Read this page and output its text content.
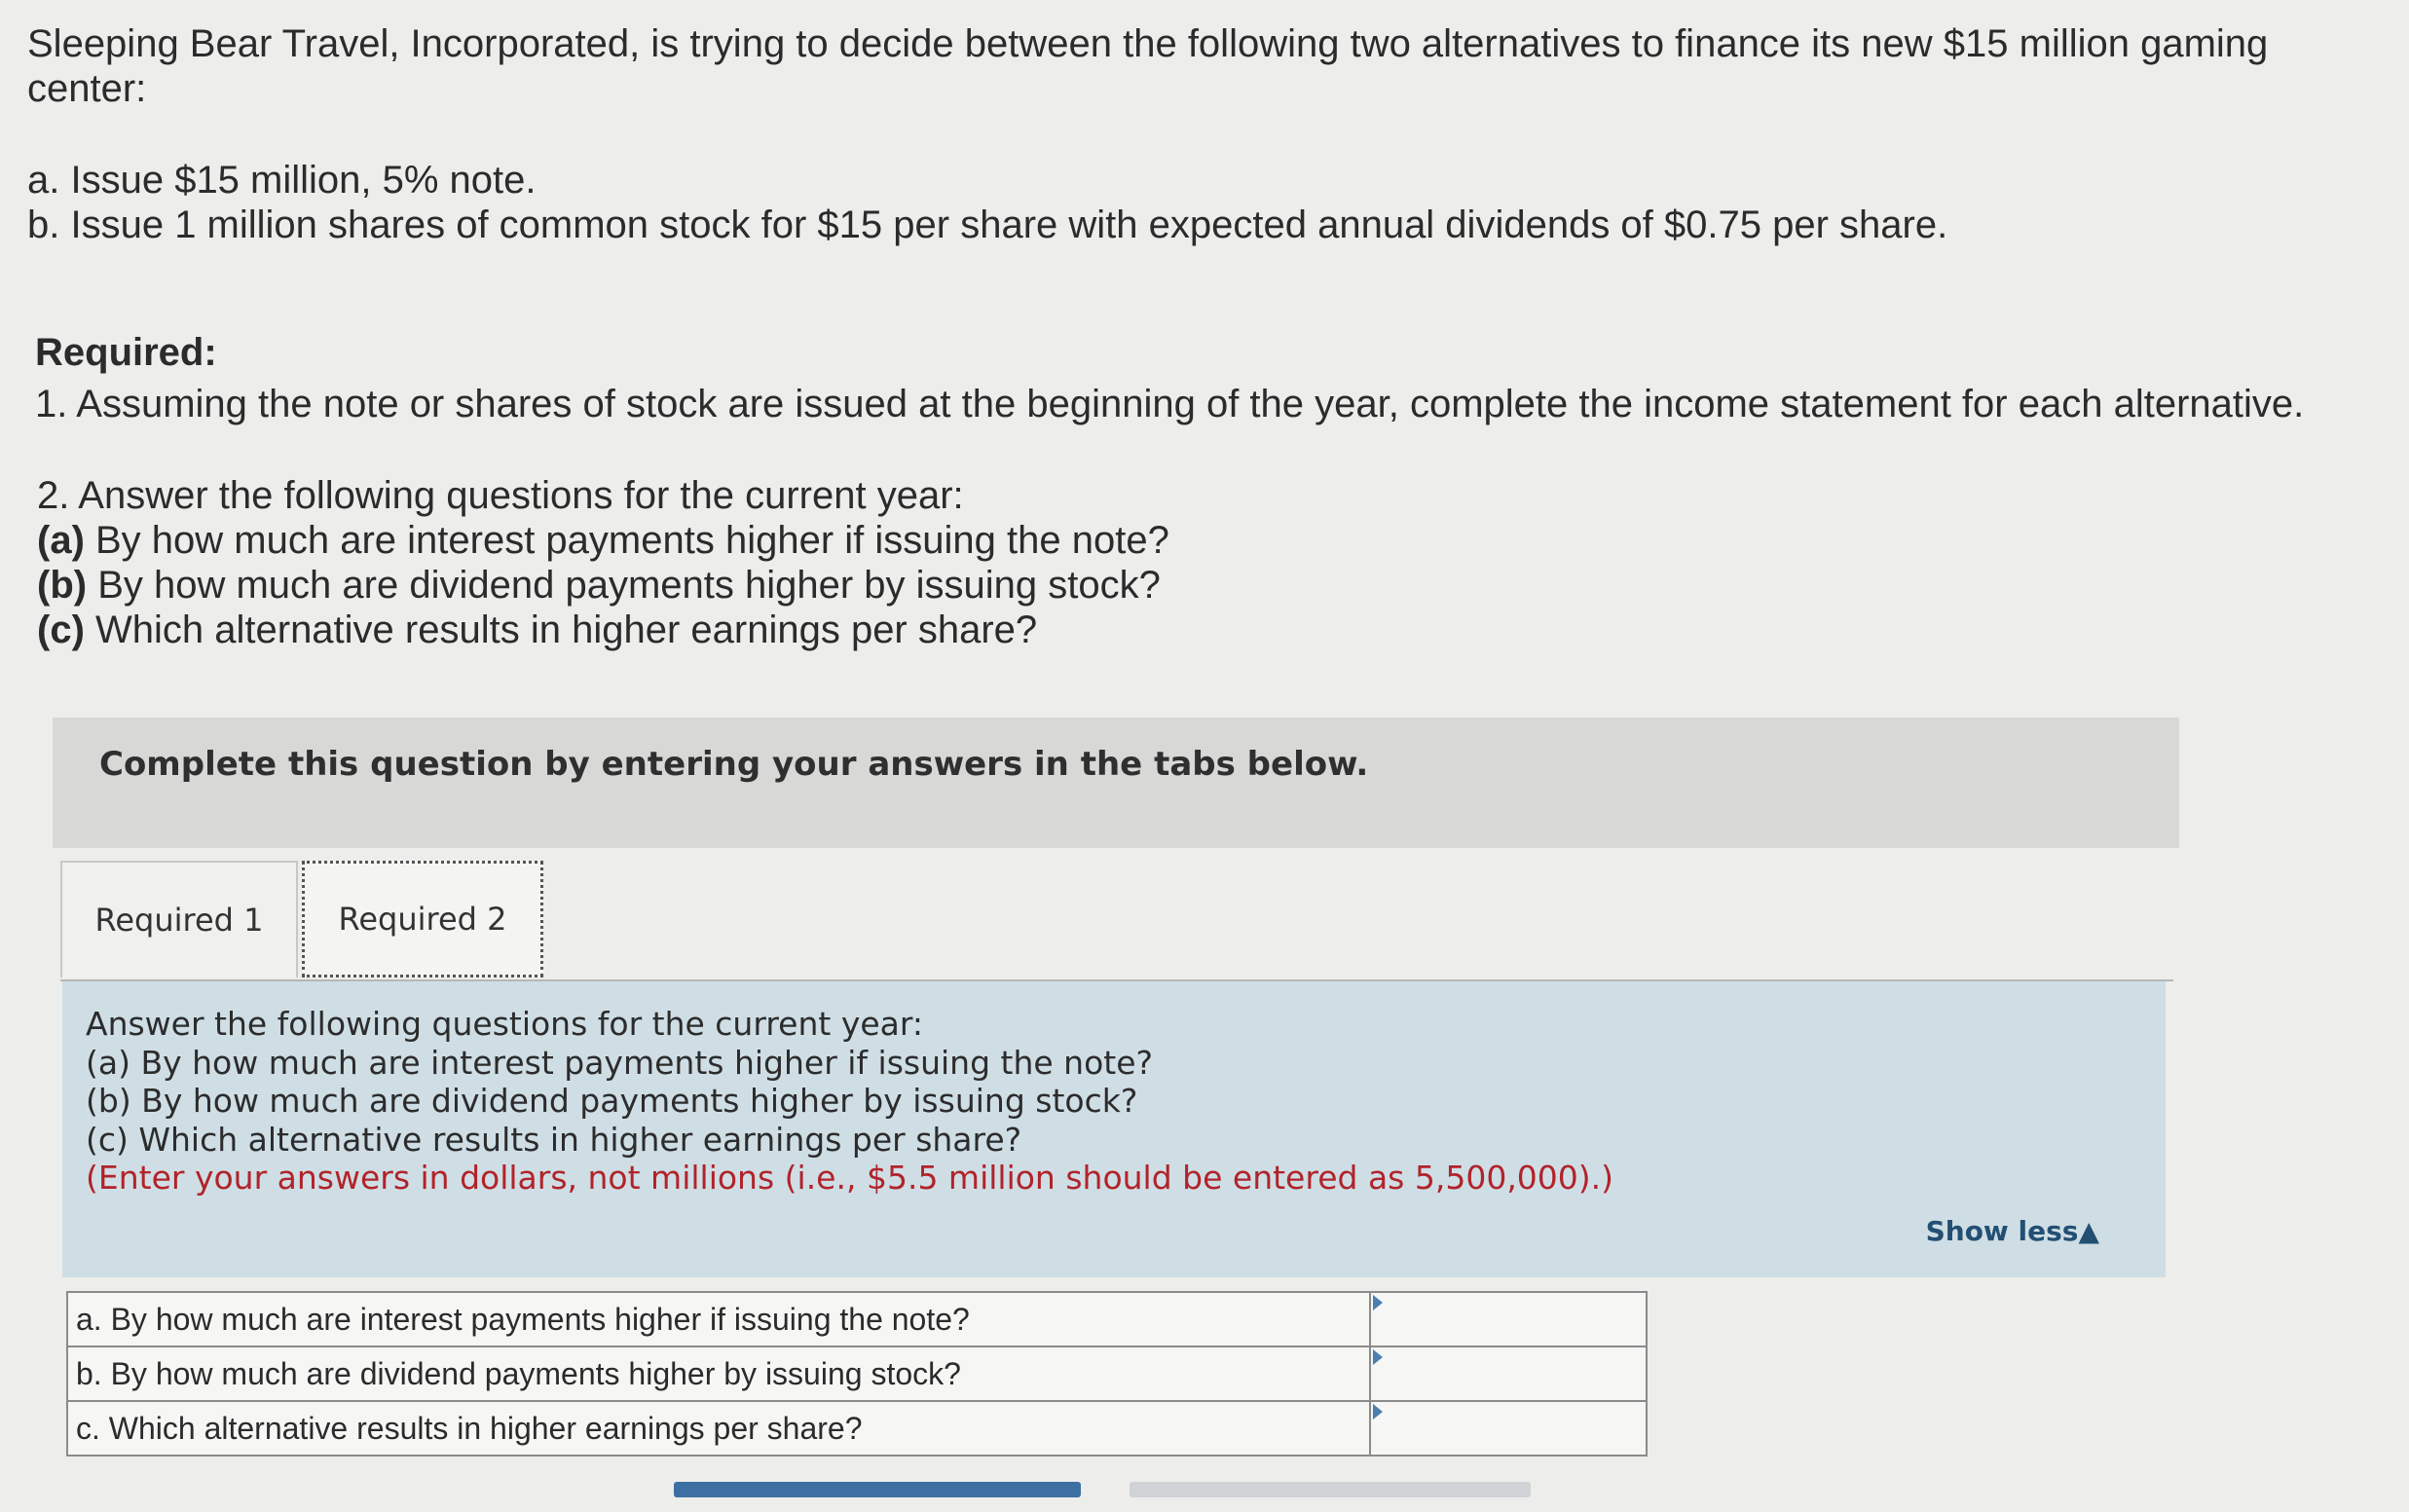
Sleeping Bear Travel, Incorporated, is trying to decide between the following two alternatives to finance its new $15 million gaming center:
a. Issue $15 million, 5% note.
b. Issue 1 million shares of common stock for $15 per share with expected annual dividends of $0.75 per share.
Required:
1. Assuming the note or shares of stock are issued at the beginning of the year, complete the income statement for each alternative.
2. Answer the following questions for the current year:
(a) By how much are interest payments higher if issuing the note?
(b) By how much are dividend payments higher by issuing stock?
(c) Which alternative results in higher earnings per share?
Complete this question by entering your answers in the tabs below.
Required 1	Required 2
Answer the following questions for the current year:
(a) By how much are interest payments higher if issuing the note?
(b) By how much are dividend payments higher by issuing stock?
(c) Which alternative results in higher earnings per share?
(Enter your answers in dollars, not millions (i.e., $5.5 million should be entered as 5,500,000).)
Show less▲
a. By how much are interest payments higher if issuing the note?	

b. By how much are dividend payments higher by issuing stock?	

c. Which alternative results in higher earnings per share?	
